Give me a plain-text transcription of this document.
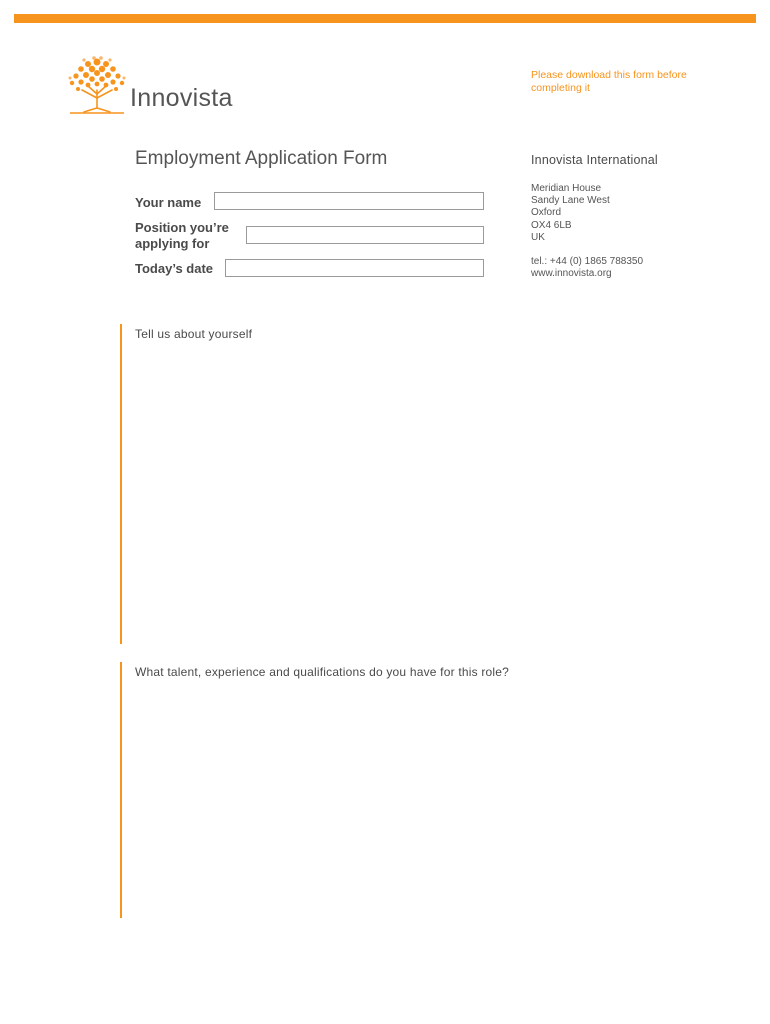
Innovista
Please download this form before completing it
Employment Application Form	Innovista International
Meridian House
Sandy Lane West
Oxford
OX4 6LB
UK
tel.: +44 (0) 1865 788350
www.innovista.org
Your name
Position you’re
applying for
Today’s date
Tell us about yourself
What talent, experience and qualifications do you have for this role?
